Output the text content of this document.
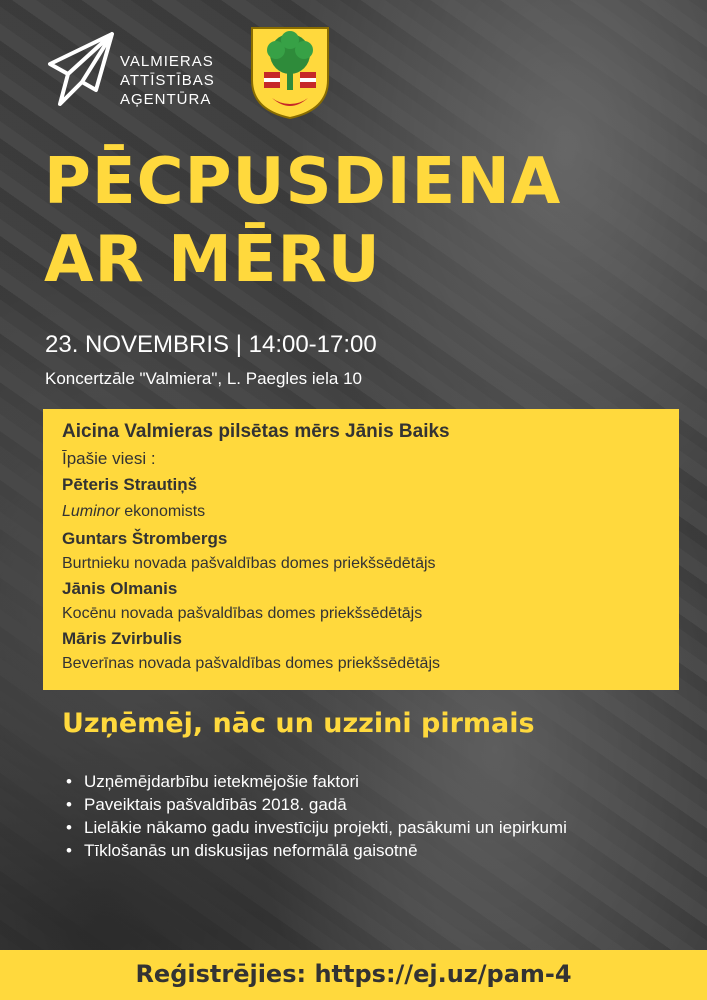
VALMIERAS
ATTĪSTĪBAS
AĢENTŪRA
PĒCPUSDIENA
AR MĒRU
23. NOVEMBRIS | 14:00-17:00
Koncertzāle "Valmiera", L. Paegles iela 10
Aicina Valmieras pilsētas mērs Jānis Baiks
Īpašie viesi :
Pēteris Strautiņš
Luminor ekonomists
Guntars Štrombergs
Burtnieku novada pašvaldības domes priekšsēdētājs
Jānis Olmanis
Kocēnu novada pašvaldības domes priekšsēdētājs
Māris Zvirbulis
Beverīnas novada pašvaldības domes priekšsēdētājs
Uzņēmēj, nāc un uzzini pirmais
• Uzņēmējdarbību ietekmējošie faktori
• Paveiktais pašvaldībās 2018. gadā
• Lielākie nākamo gadu investīciju projekti, pasākumi un iepirkumi
• Tīklošanās un diskusijas neformālā gaisotnē
Reģistrējies: https://ej.uz/pam-4
